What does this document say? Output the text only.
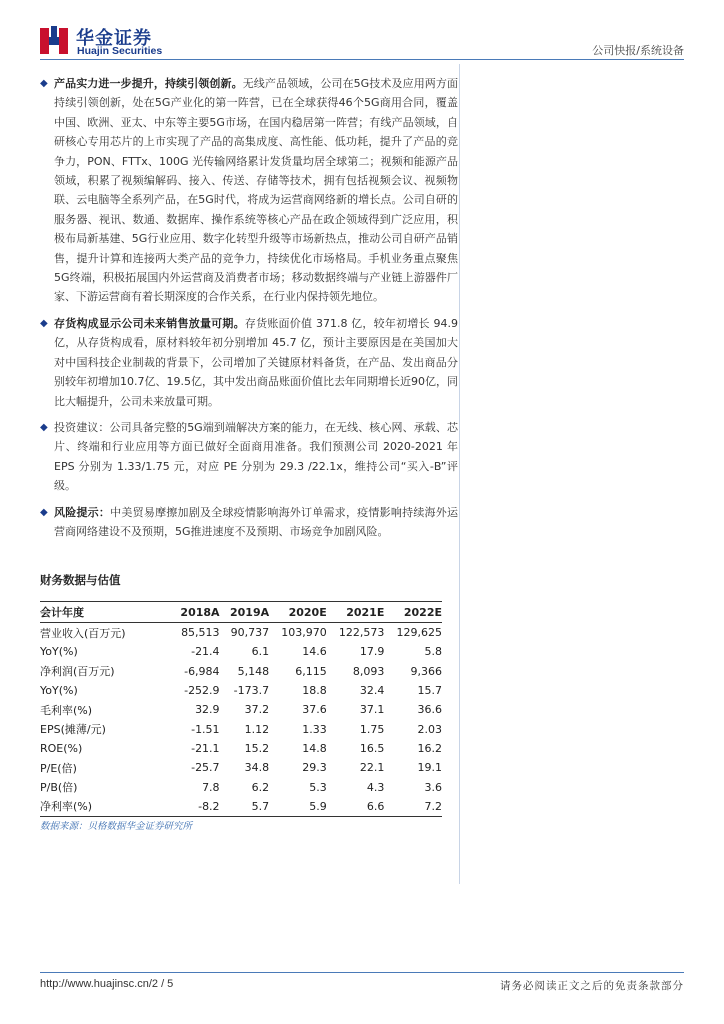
华金证券
Huajin Securities	公司快报/系统设备

◆ 产品实力进一步提升，持续引领创新。无线产品领域，公司在5G技术及应用两方面持续引领创新，处在5G产业化的第一阵营，已在全球获得46个5G商用合同，覆盖中国、欧洲、亚太、中东等主要5G市场，在国内稳居第一阵营；有线产品领域，自研核心专用芯片的上市实现了产品的高集成度、高性能、低功耗，提升了产品的竞争力，PON、FTTx、100G 光传输网络累计发货量均居全球第二；视频和能源产品领域，积累了视频编解码、接入、传送、存储等技术，拥有包括视频会议、视频物联、云电脑等全系列产品，在5G时代，将成为运营商网络新的增长点。公司自研的服务器、视讯、数通、数据库、操作系统等核心产品在政企领域得到广泛应用，积极布局新基建、5G行业应用、数字化转型升级等市场新热点，推动公司自研产品销售，提升计算和连接两大类产品的竞争力，持续优化市场格局。手机业务重点聚焦5G终端，积极拓展国内外运营商及消费者市场；移动数据终端与产业链上游器件厂家、下游运营商有着长期深度的合作关系，在行业内保持领先地位。

◆ 存货构成显示公司未来销售放量可期。存货账面价值 371.8 亿，较年初增长 94.9亿，从存货构成看，原材料较年初分别增加 45.7 亿，预计主要原因是在美国加大对中国科技企业制裁的背景下，公司增加了关键原材料备货，在产品、发出商品分别较年初增加10.7亿、19.5亿，其中发出商品账面价值比去年同期增长近90亿，同比大幅提升，公司未来放量可期。

◆ 投资建议：公司具备完整的5G端到端解决方案的能力，在无线、核心网、承载、芯片、终端和行业应用等方面已做好全面商用准备。我们预测公司 2020-2021 年EPS 分别为 1.33/1.75 元，对应 PE 分别为 29.3 /22.1x，维持公司“买入-B”评级。

◆ 风险提示：中美贸易摩擦加剧及全球疫情影响海外订单需求，疫情影响持续海外运营商网络建设不及预期，5G推进速度不及预期、市场竞争加剧风险。

财务数据与估值
会计年度	2018A	2019A	2020E	2021E	2022E
营业收入(百万元)	85,513	90,737	103,970	122,573	129,625
YoY(%)	-21.4	6.1	14.6	17.9	5.8
净利润(百万元)	-6,984	5,148	6,115	8,093	9,366
YoY(%)	-252.9	-173.7	18.8	32.4	15.7
毛利率(%)	32.9	37.2	37.6	37.1	36.6
EPS(摊薄/元)	-1.51	1.12	1.33	1.75	2.03
ROE(%)	-21.1	15.2	14.8	16.5	16.2
P/E(倍)	-25.7	34.8	29.3	22.1	19.1
P/B(倍)	7.8	6.2	5.3	4.3	3.6
净利率(%)	-8.2	5.7	5.9	6.6	7.2
数据来源：贝格数据华金证券研究所
http://www.huajinsc.cn/2 / 5	请务必阅读正文之后的免责条款部分
